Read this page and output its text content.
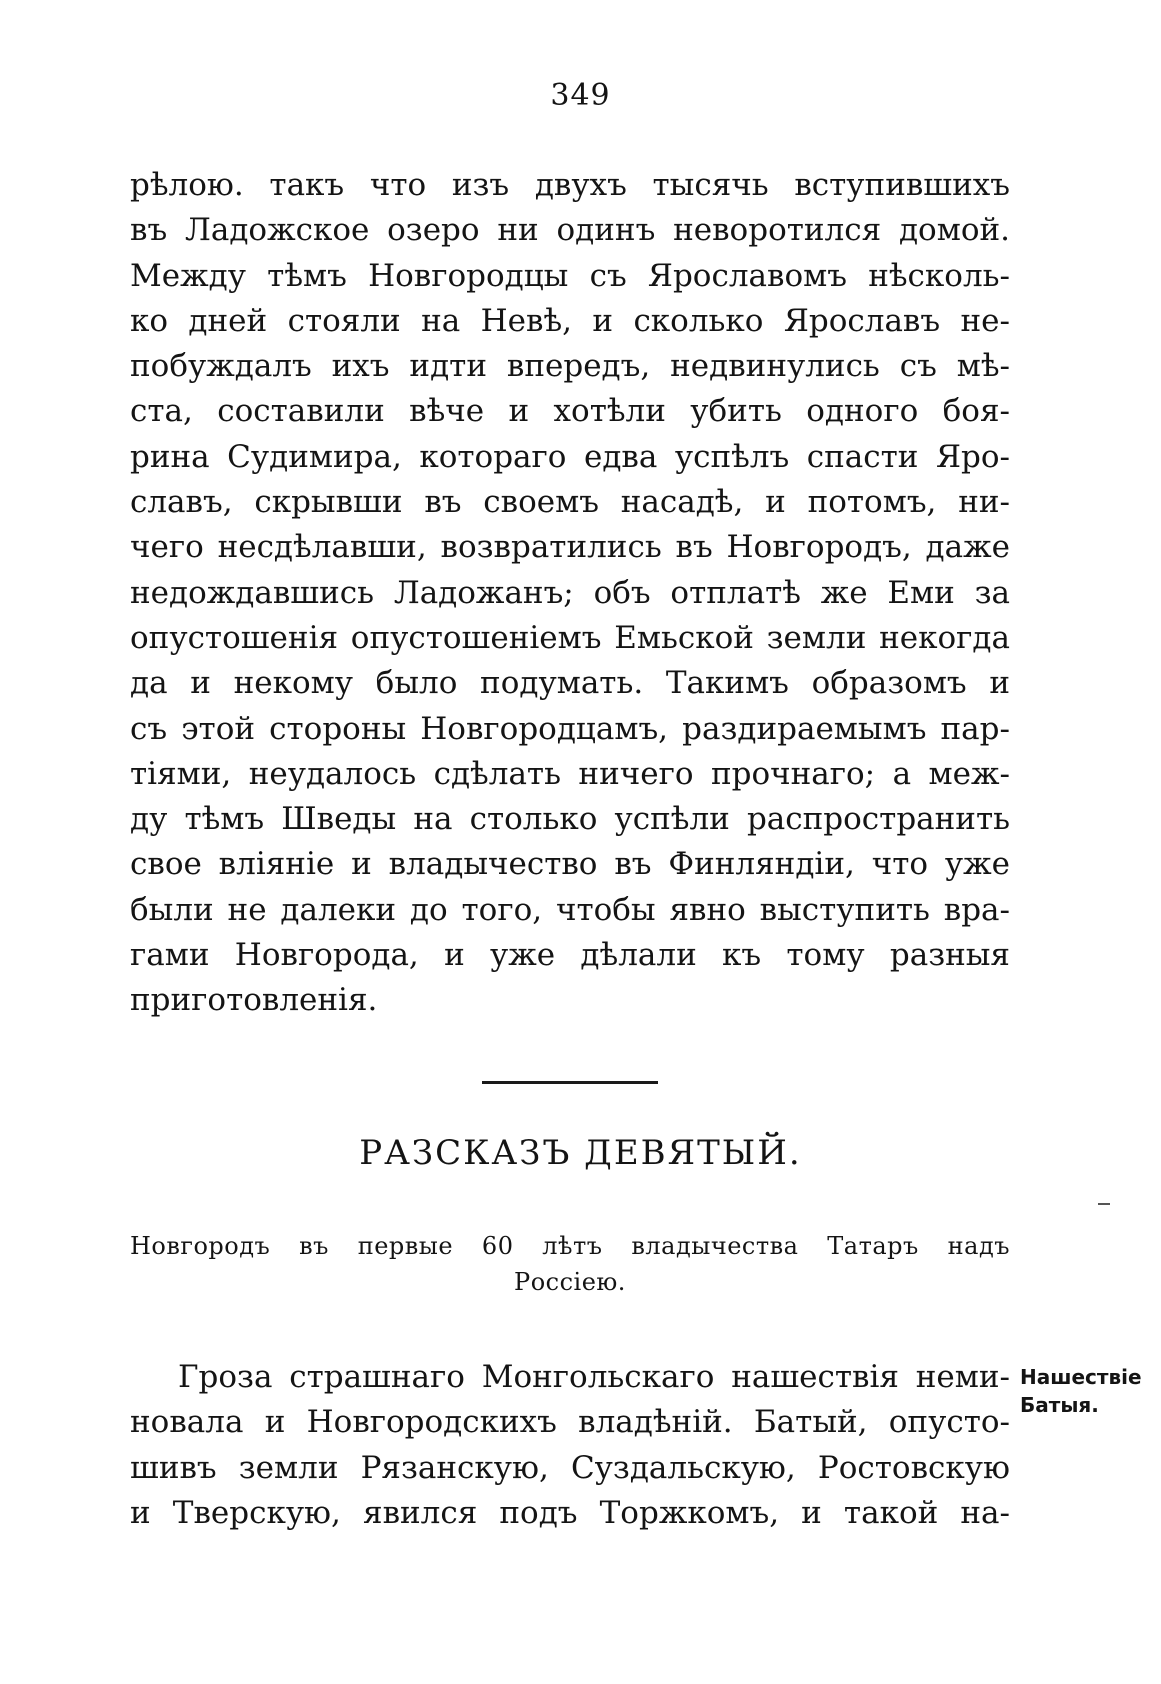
349
рѣлою. такъ что изъ двухъ тысячь вступившихъ
въ Ладожское озеро ни одинъ неворотился домой.
Между тѣмъ Новгородцы съ Ярославомъ нѣсколь-
ко дней стояли на Невѣ, и сколько Ярославъ не-
побуждалъ ихъ идти впередъ, недвинулись съ мѣ-
ста, составили вѣче и хотѣли убить одного боя-
рина Судимира, котораго едва успѣлъ спасти Яро-
славъ, скрывши въ своемъ насадѣ, и потомъ, ни-
чего несдѣлавши, возвратились въ Новгородъ, даже
недождавшись Ладожанъ; объ отплатѣ же Еми за
опустошенія опустошеніемъ Емьской земли некогда
да и некому было подумать. Такимъ образомъ и
съ этой стороны Новгородцамъ, раздираемымъ пар-
тіями, неудалось сдѣлать ничего прочнаго; а меж-
ду тѣмъ Шведы на столько успѣли распространить
свое вліяніе и владычество въ Финляндіи, что уже
были не далеки до того, чтобы явно выступить вра-
гами Новгорода, и уже дѣлали къ тому разныя
приготовленія.
РАЗСКАЗЪ ДЕВЯТЫЙ.
Новгородъ въ первые 60 лѣтъ владычества Татаръ надъ
Россіею.
Гроза страшнаго Монгольскаго нашествія неми-
новала и Новгородскихъ владѣній. Батый, опусто-
шивъ земли Рязанскую, Суздальскую, Ростовскую
и Тверскую, явился подъ Торжкомъ, и такой на-
Нашествіе
Батыя.
